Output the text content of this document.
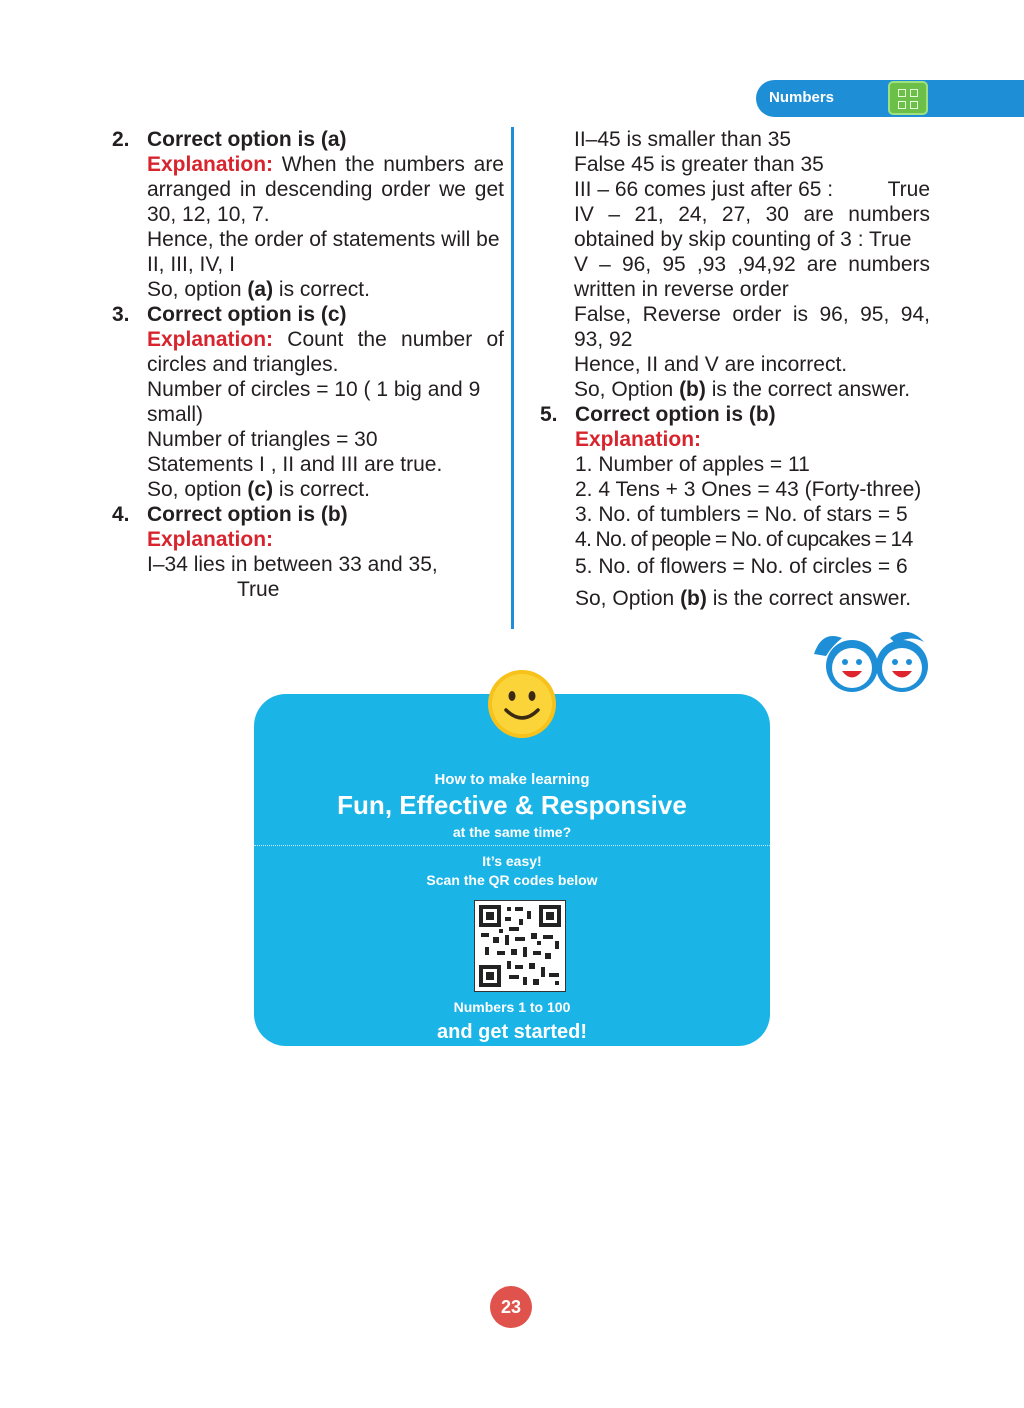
Numbers
2. Correct option is (a)
Explanation: When the numbers are arranged in descending order we get 30, 12, 10, 7.
Hence, the order of statements will be II, III, IV, I
So, option (a) is correct.
3. Correct option is (c)
Explanation: Count the number of circles and triangles.
Number of circles = 10 ( 1 big and 9 small)
Number of triangles = 30
Statements I , II and III are true.
So, option (c) is correct.
4. Correct option is (b)
Explanation:
I–34 lies in between 33 and 35,
True
II–45 is smaller than 35
False 45 is greater than 35
III – 66 comes just after 65 :	True
IV – 21, 24, 27, 30 are numbers obtained by skip counting of 3 : True
V – 96, 95 ,93 ,94,92 are numbers written in reverse order
False, Reverse order is 96, 95, 94, 93, 92
Hence, II and V are incorrect.
So, Option (b) is the correct answer.
5. Correct option is (b)
Explanation:
1. Number of apples = 11
2. 4 Tens + 3 Ones = 43 (Forty-three)
3. No. of tumblers = No. of stars = 5
4. No. of people = No. of cupcakes = 14
5. No. of flowers = No. of circles = 6
So, Option (b) is the correct answer.
How to make learning
Fun, Effective & Responsive
at the same time?
It’s easy!
Scan the QR codes below
Numbers 1 to 100
and get started!
23
